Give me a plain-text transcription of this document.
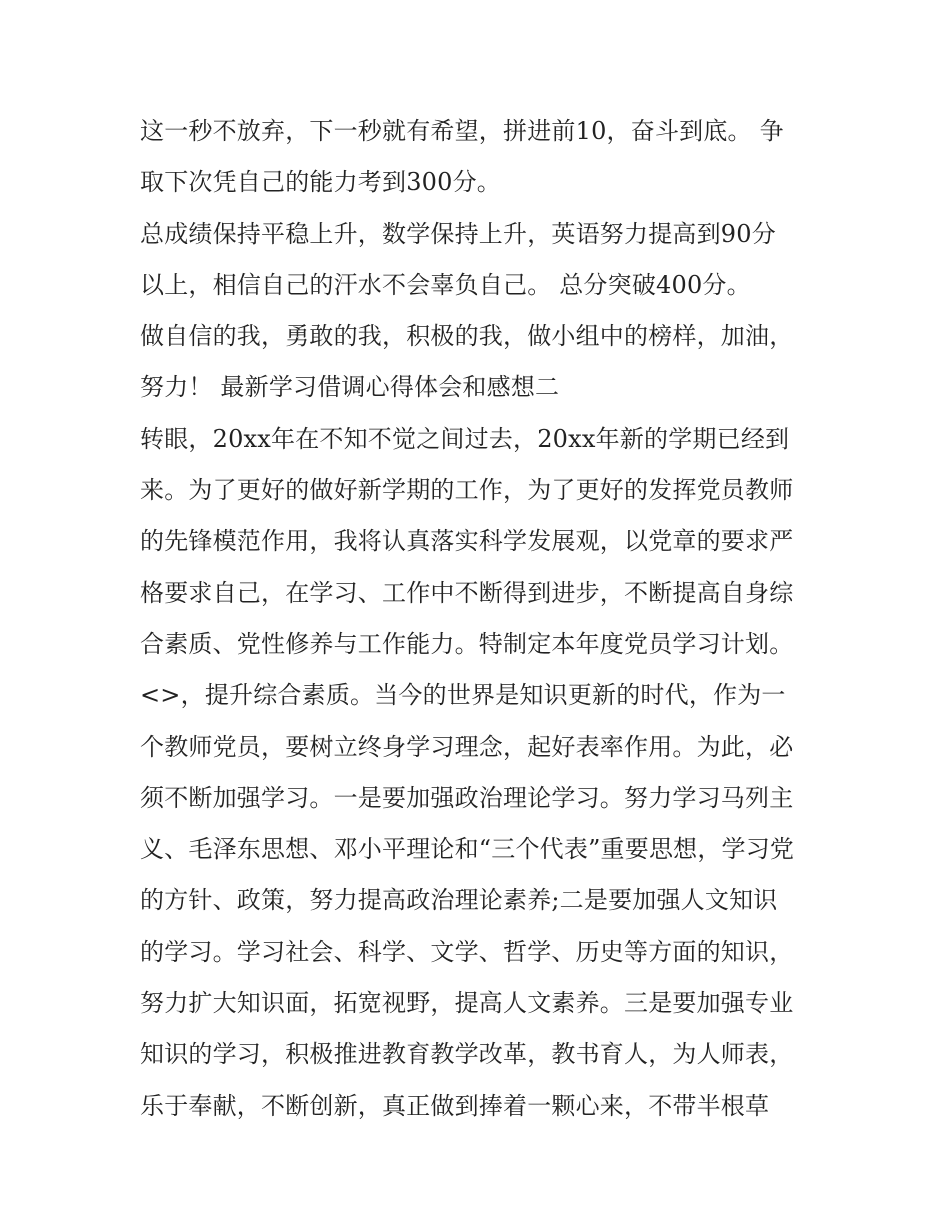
这一秒不放弃，下一秒就有希望，拼进前10，奋斗到底。 争
取下次凭自己的能力考到300分。
总成绩保持平稳上升，数学保持上升，英语努力提高到90分
以上，相信自己的汗水不会辜负自己。 总分突破400分。
做自信的我，勇敢的我，积极的我，做小组中的榜样，加油，
努力！ 最新学习借调心得体会和感想二
转眼，20xx年在不知不觉之间过去，20xx年新的学期已经到
来。为了更好的做好新学期的工作，为了更好的发挥党员教师
的先锋模范作用，我将认真落实科学发展观，以党章的要求严
格要求自己，在学习、工作中不断得到进步，不断提高自身综
合素质、党性修养与工作能力。特制定本年度党员学习计划。
<>，提升综合素质。当今的世界是知识更新的时代，作为一
个教师党员，要树立终身学习理念，起好表率作用。为此，必
须不断加强学习。一是要加强政治理论学习。努力学习马列主
义、毛泽东思想、邓小平理论和“三个代表”重要思想，学习党
的方针、政策，努力提高政治理论素养;二是要加强人文知识
的学习。学习社会、科学、文学、哲学、历史等方面的知识，
努力扩大知识面，拓宽视野，提高人文素养。三是要加强专业
知识的学习，积极推进教育教学改革，教书育人，为人师表，
乐于奉献，不断创新，真正做到捧着一颗心来，不带半根草
